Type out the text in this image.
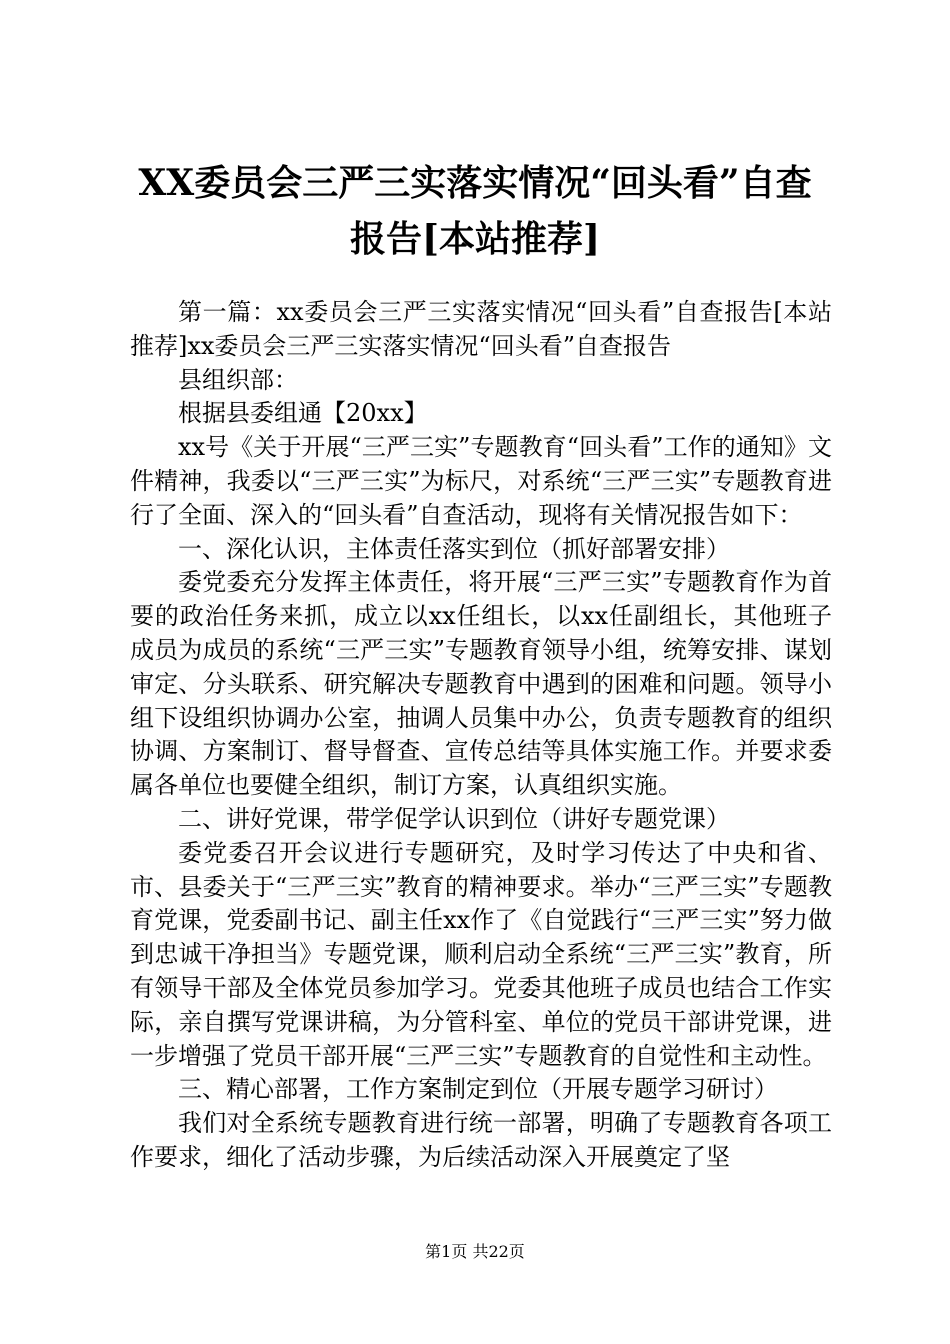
XX委员会三严三实落实情况“回头看”自查
报告[本站推荐]

第一篇：xx委员会三严三实落实情况“回头看”自查报告[本站推荐]xx委员会三严三实落实情况“回头看”自查报告

县组织部：

根据县委组通【20xx】

xx号《关于开展“三严三实”专题教育“回头看”工作的通知》文件精神，我委以“三严三实”为标尺，对系统“三严三实”专题教育进行了全面、深入的“回头看”自查活动，现将有关情况报告如下：

一、深化认识，主体责任落实到位（抓好部署安排）

委党委充分发挥主体责任，将开展“三严三实”专题教育作为首要的政治任务来抓，成立以xx任组长，以xx任副组长，其他班子成员为成员的系统“三严三实”专题教育领导小组，统筹安排、谋划审定、分头联系、研究解决专题教育中遇到的困难和问题。领导小组下设组织协调办公室，抽调人员集中办公，负责专题教育的组织协调、方案制订、督导督查、宣传总结等具体实施工作。并要求委属各单位也要健全组织，制订方案，认真组织实施。

二、讲好党课，带学促学认识到位（讲好专题党课）

委党委召开会议进行专题研究，及时学习传达了中央和省、市、县委关于“三严三实”教育的精神要求。举办“三严三实”专题教育党课，党委副书记、副主任xx作了《自觉践行“三严三实”努力做到忠诚干净担当》专题党课，顺利启动全系统“三严三实”教育，所有领导干部及全体党员参加学习。党委其他班子成员也结合工作实际，亲自撰写党课讲稿，为分管科室、单位的党员干部讲党课，进一步增强了党员干部开展“三严三实”专题教育的自觉性和主动性。

三、精心部署，工作方案制定到位（开展专题学习研讨）

我们对全系统专题教育进行统一部署，明确了专题教育各项工作要求，细化了活动步骤，为后续活动深入开展奠定了坚

第1页 共22页
